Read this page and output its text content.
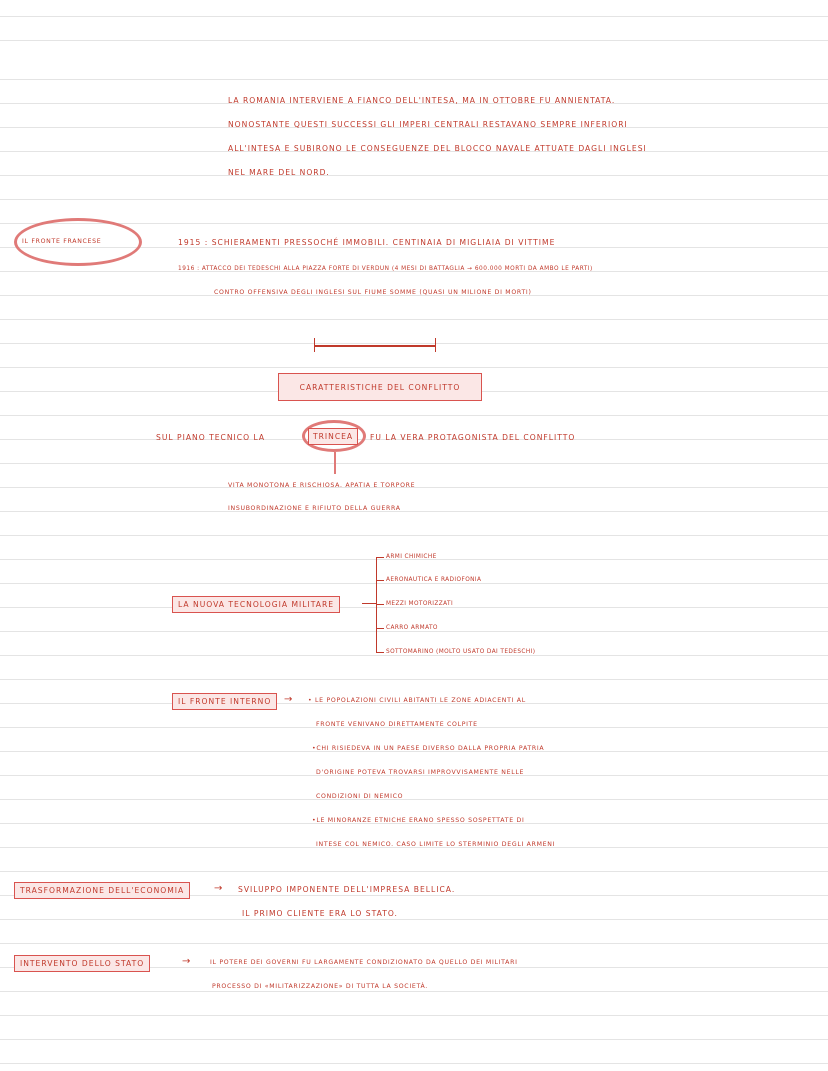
LA ROMANIA INTERVIENE A FIANCO DELL'INTESA, MA IN OTTOBRE FU ANNIENTATA.
NONOSTANTE QUESTI SUCCESSI GLI IMPERI CENTRALI RESTAVANO SEMPRE INFERIORI
ALL'INTESA E SUBIRONO LE CONSEGUENZE DEL BLOCCO NAVALE ATTUATE DAGLI INGLESI
NEL MARE DEL NORD.
IL FRONTE FRANCESE	1915 : SCHIERAMENTI PRESSOCHÉ IMMOBILI. CENTINAIA DI MIGLIAIA DI VITTIME
1916 : ATTACCO DEI TEDESCHI ALLA PIAZZA FORTE DI VERDUN (4 MESI DI BATTAGLIA → 600.000 MORTI DA AMBO LE PARTI)
CONTRO OFFENSIVA DEGLI INGLESI SUL FIUME SOMME (QUASI UN MILIONE DI MORTI)
CARATTERISTICHE DEL CONFLITTO
SUL PIANO TECNICO LA	TRINCEA	FU LA VERA PROTAGONISTA DEL CONFLITTO
VITA MONOTONA E RISCHIOSA. APATIA E TORPORE
INSUBORDINAZIONE E RIFIUTO DELLA GUERRA
LA NUOVA TECNOLOGIA MILITARE
ARMI CHIMICHE
AERONAUTICA E RADIOFONIA
MEZZI MOTORIZZATI
CARRO ARMATO
SOTTOMARINO (MOLTO USATO DAI TEDESCHI)
IL FRONTE INTERNO	→	• LE POPOLAZIONI CIVILI ABITANTI LE ZONE ADIACENTI AL
FRONTE VENIVANO DIRETTAMENTE COLPITE
•CHI RISIEDEVA IN UN PAESE DIVERSO DALLA PROPRIA PATRIA
D'ORIGINE POTEVA TROVARSI IMPROVVISAMENTE NELLE
CONDIZIONI DI NEMICO
•LE MINORANZE ETNICHE ERANO SPESSO SOSPETTATE DI
INTESE COL NEMICO. CASO LIMITE LO STERMINIO DEGLI ARMENI
TRASFORMAZIONE DELL'ECONOMIA	→ SVILUPPO IMPONENTE DELL'IMPRESA BELLICA.
IL PRIMO CLIENTE ERA LO STATO.
INTERVENTO DELLO STATO	→	IL POTERE DEI GOVERNI FU LARGAMENTE CONDIZIONATO DA QUELLO DEI MILITARI
PROCESSO DI «MILITARIZZAZIONE» DI TUTTA LA SOCIETÀ.
